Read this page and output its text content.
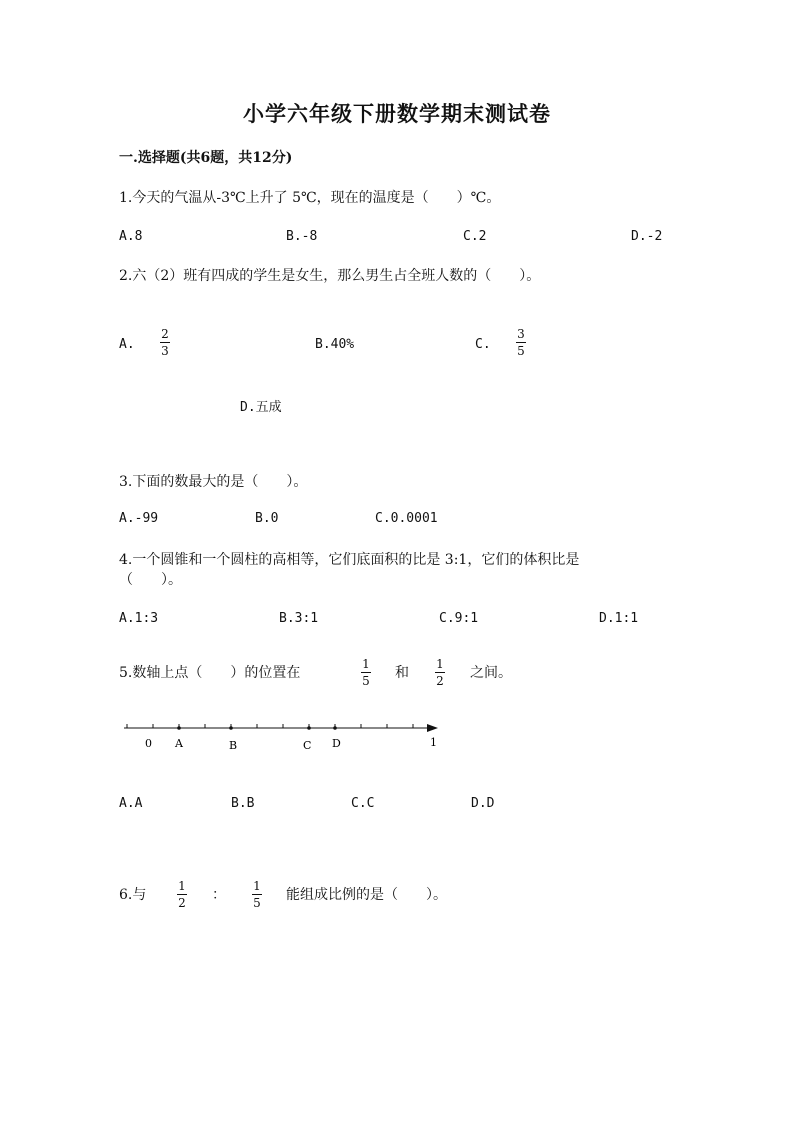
小学六年级下册数学期末测试卷
一.选择题(共6题，共12分)
1.今天的气温从-3℃上升了 5℃，现在的温度是（　　）℃。
A.8	B.-8	C.2	D.-2
2.六（2）班有四成的学生是女生，那么男生占全班人数的（　　）。
A.
2
3	B.40%	C.
3
5
D.五成
3.下面的数最大的是（　　）。
A.-99	B.0	C.0.0001
4.一个圆锥和一个圆柱的高相等，它们底面积的比是 3:1，它们的体积比是
（　　）。
A.1:3	B.3:1	C.9:1	D.1:1
5.数轴上点（　　）的位置在
1
5 和
1
2 之间。
0 A	B	C D	1
A.A	B.B	C.C	D.D
6.与
1
2 ：
1
5 能组成比例的是（　　）。
